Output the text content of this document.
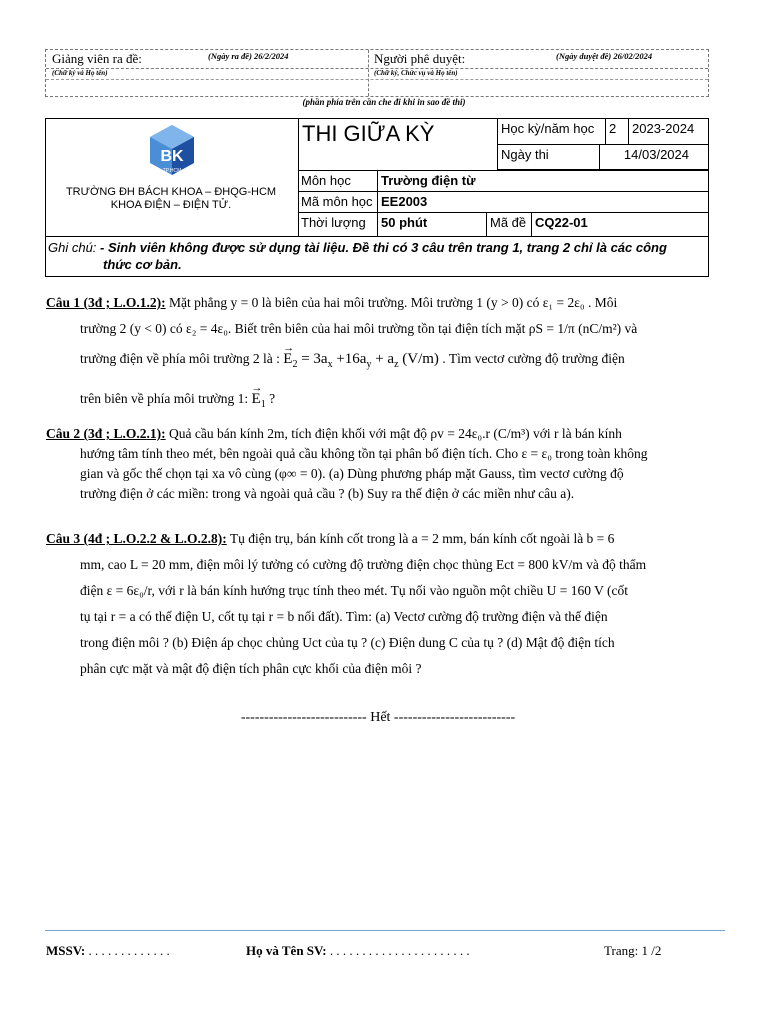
Giảng viên ra đề:	(Ngày ra đề) 26/2/2024
(Chữ ký và Họ tên)
Người phê duyệt:	(Ngày duyệt đề) 26/02/2024
(Chữ ký, Chức vụ và Họ tên)
(phần phía trên cần che đi khi in sao đề thi)
BK
TP.HCM
TRƯỜNG ĐH BÁCH KHOA – ĐHQG-HCM
KHOA ĐIỆN – ĐIỆN TỬ.
THI GIỮA KỲ	Học kỳ/năm học	2	2023-2024
Ngày thi	14/03/2024
Môn học	Trường điện từ
Mã môn học EE2003
Thời lượng	50 phút	Mã đề CQ22-01
Ghi chú: - Sinh viên không được sử dụng tài liệu. Đề thi có 3 câu trên trang 1, trang 2 chỉ là các công
thức cơ bản.

Câu 1 (3đ ; L.O.1.2): Mặt phẳng y = 0 là biên của hai môi trường. Môi trường 1 (y > 0) có ε₁ = 2ε₀ . Môi

trường 2 (y < 0) có ε₂ = 4ε₀. Biết trên biên của hai môi trường tồn tại điện tích mặt ρS = 1/π (nC/m²) và

trường điện về phía môi trường 2 là : → $E_2 = 3a_x +16a_y + a_z$ (V/m) . Tìm vectơ cường độ trường điện

trên biên về phía môi trường 1: → $E_1$ ?

Câu 2 (3đ ; L.O.2.1): Quả cầu bán kính 2m, tích điện khối với mật độ ρv = 24ε₀.r (C/m³) với r là bán kính

hướng tâm tính theo mét, bên ngoài quả cầu không tồn tại phân bố điện tích. Cho ε = ε₀ trong toàn không

gian và gốc thế chọn tại xa vô cùng (φ∞ = 0). (a) Dùng phương pháp mặt Gauss, tìm vectơ cường độ

trường điện ở các miền: trong và ngoài quả cầu ? (b) Suy ra thế điện ở các miền như câu a).

Câu 3 (4đ ; L.O.2.2 & L.O.2.8): Tụ điện trụ, bán kính cốt trong là a = 2 mm, bán kính cốt ngoài là b = 6

mm, cao L = 20 mm, điện môi lý tưởng có cường độ trường điện chọc thủng Ect = 800 kV/m và độ thẩm

điện ε = 6ε₀/r, với r là bán kính hướng trục tính theo mét. Tụ nối vào nguồn một chiều U = 160 V (cốt

tụ tại r = a có thế điện U, cốt tụ tại r = b nối đất). Tìm: (a) Vectơ cường độ trường điện và thế điện

trong điện môi ? (b) Điện áp chọc chủng Uct của tụ ? (c) Điện dung C của tụ ? (d) Mật độ điện tích

phân cực mặt và mật độ điện tích phân cực khối của điện môi ?

--------------------------- Hết --------------------------
MSSV: . . . . . . . . . . . . .	Họ và Tên SV: . . . . . . . . . . . . . . . . . . . . . .	Trang: 1 /2
